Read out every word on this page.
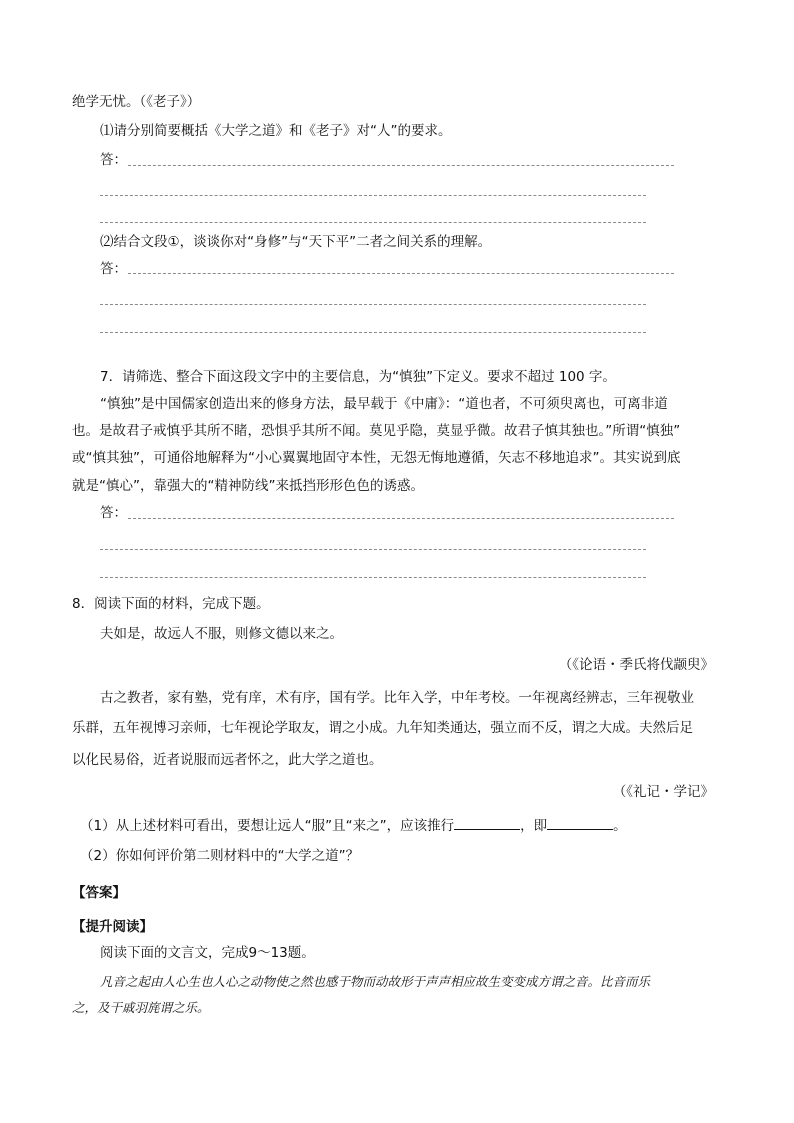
绝学无忧。（《老子》）
⑴请分别简要概括《大学之道》和《老子》对“人”的要求。
答：
⑵结合文段①，谈谈你对“身修”与“天下平”二者之间关系的理解。
答：
7．请筛选、整合下面这段文字中的主要信息，为“慎独”下定义。要求不超过 100 字。
“慎独”是中国儒家创造出来的修身方法，最早载于《中庸》：“道也者，不可须臾离也，可离非道
也。是故君子戒慎乎其所不睹，恐惧乎其所不闻。莫见乎隐，莫显乎微。故君子慎其独也。”所谓“慎独”
或“慎其独”，可通俗地解释为“小心翼翼地固守本性，无怨无悔地遵循，矢志不移地追求”。其实说到底
就是“慎心”，靠强大的“精神防线”来抵挡形形色色的诱惑。
答：
8．阅读下面的材料，完成下题。
夫如是，故远人不服，则修文德以来之。
（《论语・季氏将伐颛臾》
古之教者，家有塾，党有庠，术有序，国有学。比年入学，中年考校。一年视离经辨志，三年视敬业
乐群，五年视博习亲师，七年视论学取友，谓之小成。九年知类通达，强立而不反，谓之大成。夫然后足
以化民易俗，近者说服而远者怀之，此大学之道也。
（《礼记・学记》
（1）从上述材料可看出，要想让远人“服”且“来之”，应该推行	，即	。
（2）你如何评价第二则材料中的“大学之道”？
【答案】
【提升阅读】
阅读下面的文言文，完成9～13题。
凡音之起由人心生也人心之动物使之然也感于物而动故形于声声相应故生变变成方谓之音。比音而乐
之，及干戚羽旄谓之乐。
